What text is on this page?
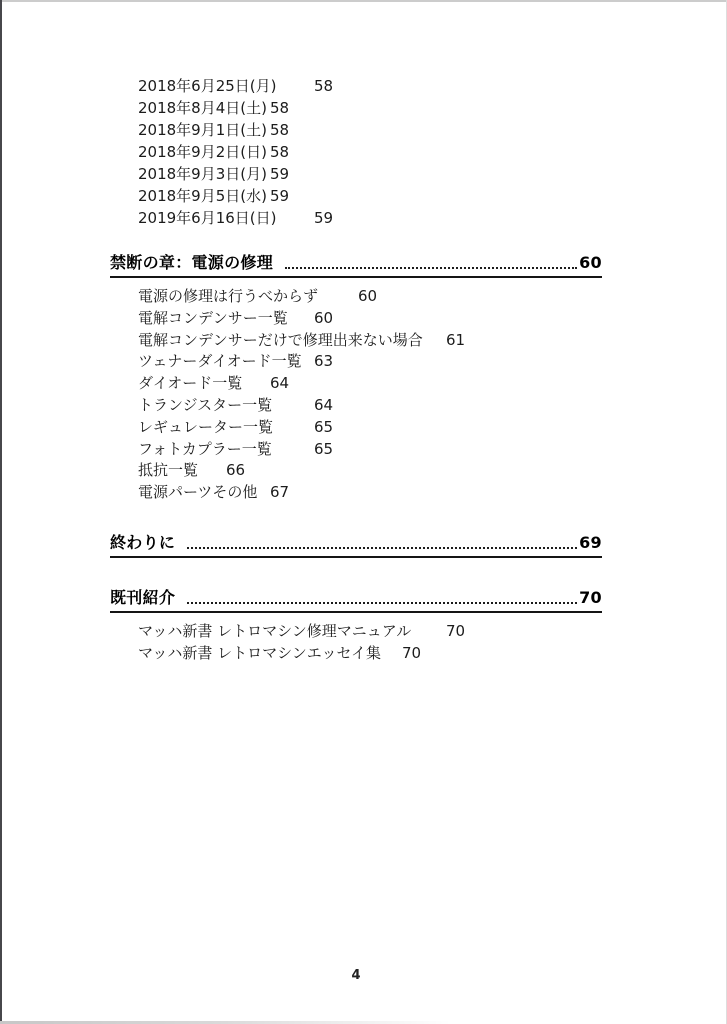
2018年6月25日(月)	58
2018年8月4日(土)	58
2018年9月1日(土)	58
2018年9月2日(日)	58
2018年9月3日(月)	59
2018年9月5日(水)	59
2019年6月16日(日)	59
禁断の章：電源の修理	60
電源の修理は行うべからず	60
電解コンデンサー一覧	60
電解コンデンサーだけで修理出来ない場合	61
ツェナーダイオード一覧	63
ダイオード一覧	64
トランジスター一覧	64
レギュレーター一覧	65
フォトカプラー一覧	65
抵抗一覧	66
電源パーツその他	67
終わりに	69
既刊紹介	70
マッハ新書 レトロマシン修理マニュアル	70
マッハ新書 レトロマシンエッセイ集	70
4
